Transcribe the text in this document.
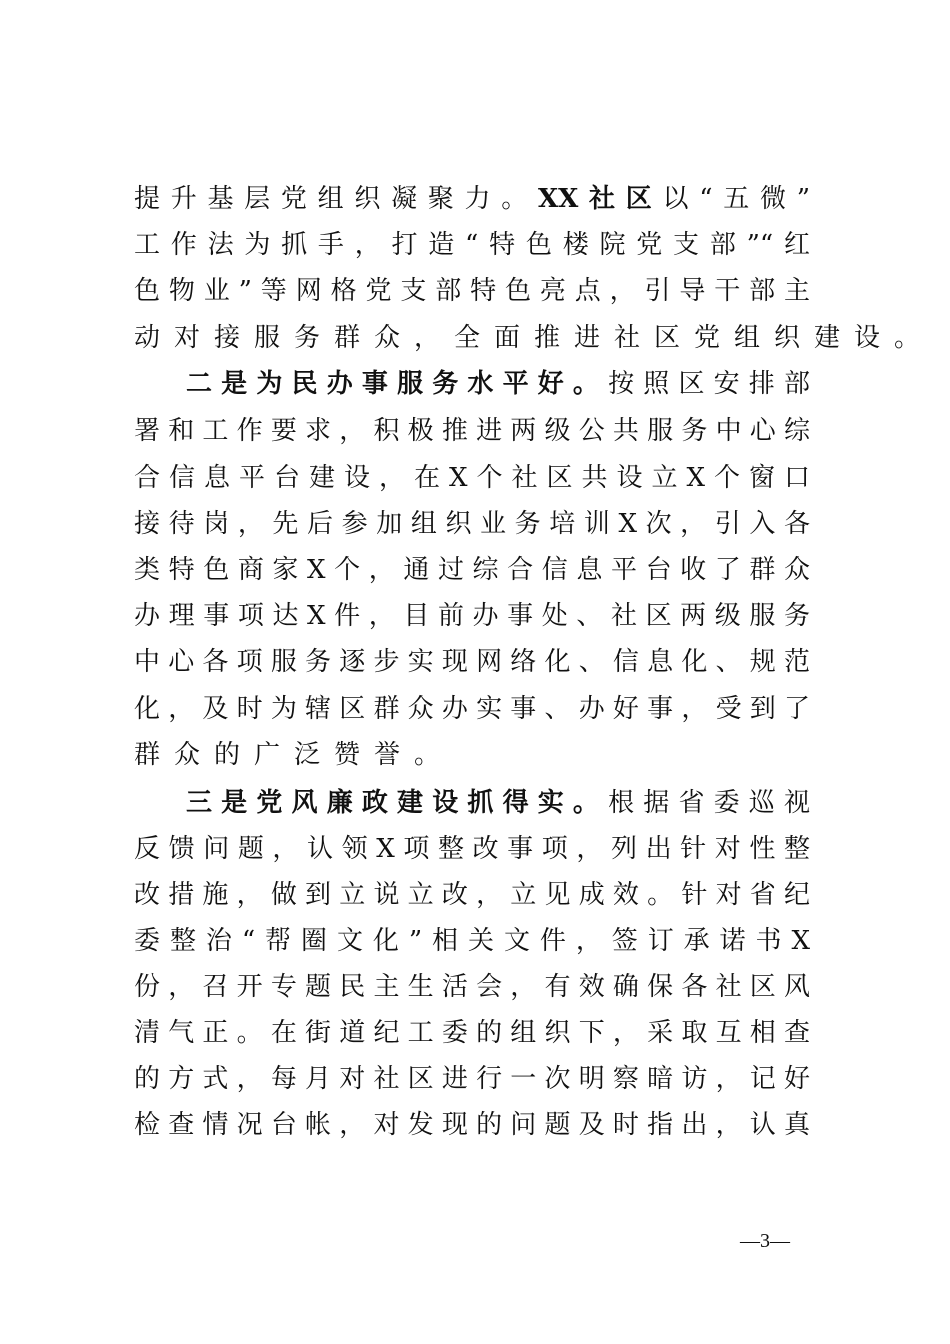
提升基层党组织凝聚力。XX社区以“五微”
工作法为抓手，打造“特色楼院党支部”“红
色物业”等网格党支部特色亮点，引导干部主
动对接服务群众，全面推进社区党组织建设。
二是为民办事服务水平好。按照区安排部
署和工作要求，积极推进两级公共服务中心综
合信息平台建设，在X个社区共设立X个窗口
接待岗，先后参加组织业务培训X次，引入各
类特色商家X个，通过综合信息平台收了群众
办理事项达X件，目前办事处、社区两级服务
中心各项服务逐步实现网络化、信息化、规范
化，及时为辖区群众办实事、办好事，受到了
群众的广泛赞誉。
三是党风廉政建设抓得实。根据省委巡视
反馈问题，认领X项整改事项，列出针对性整
改措施，做到立说立改，立见成效。针对省纪
委整治“帮圈文化”相关文件，签订承诺书X
份，召开专题民主生活会，有效确保各社区风
清气正。在街道纪工委的组织下，采取互相查
的方式，每月对社区进行一次明察暗访，记好
检查情况台帐，对发现的问题及时指出，认真
—3—
